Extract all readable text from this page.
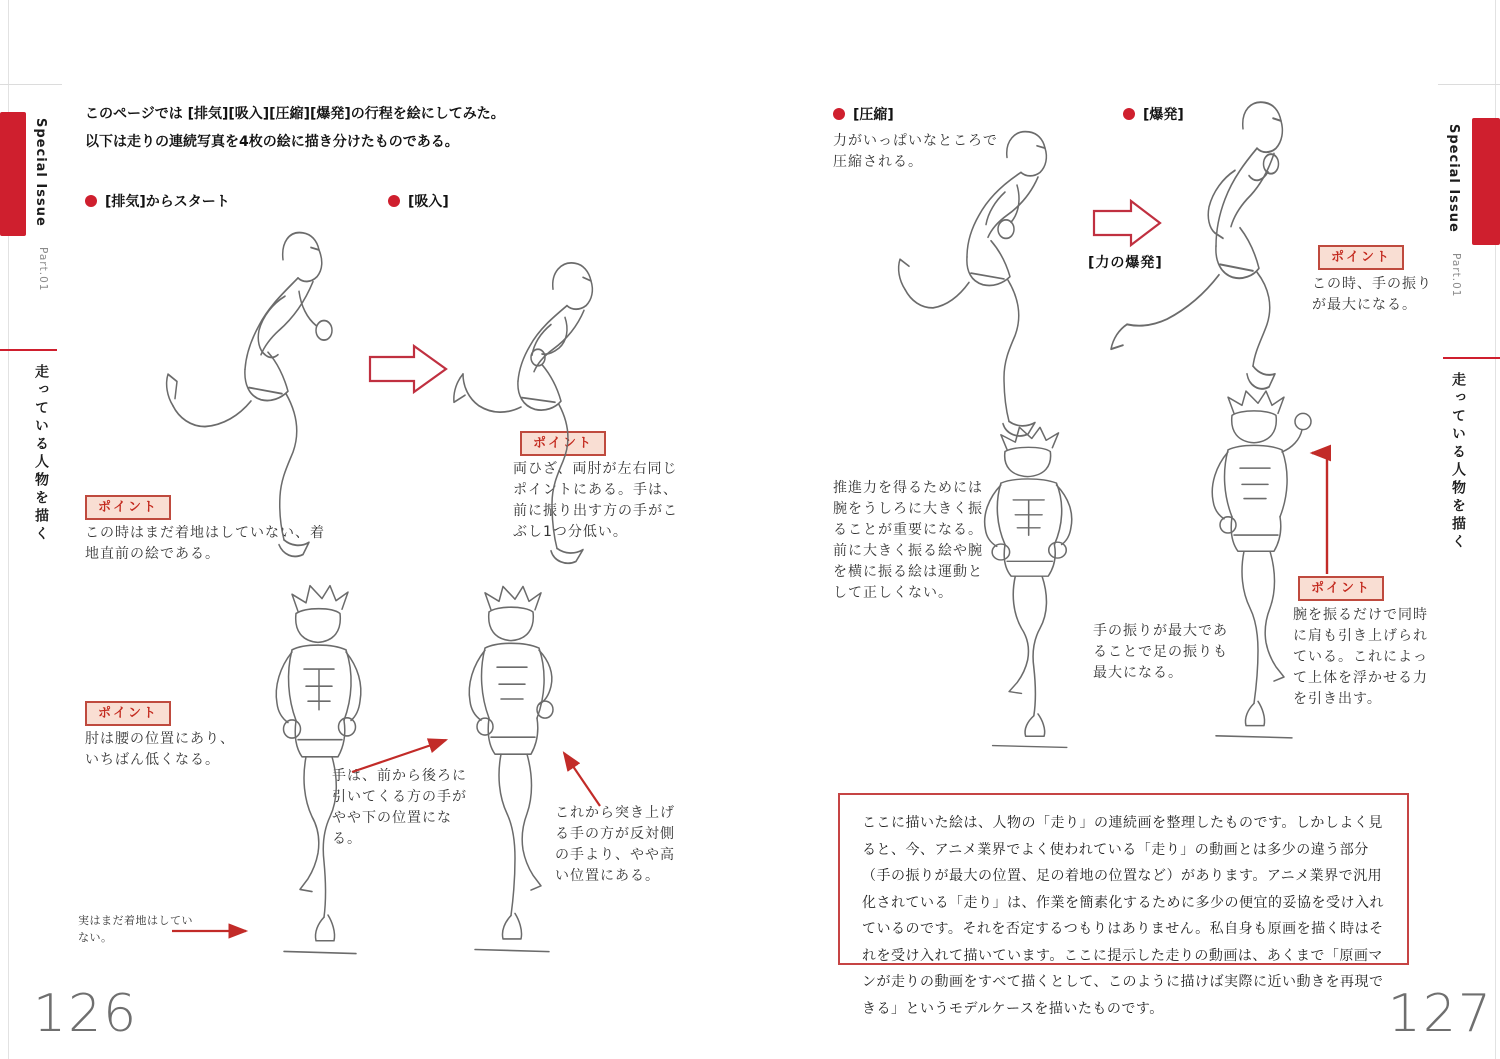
Special Issue
Part.01
走っている人物を描く
Special Issue
Part.01
走っている人物を描く
このページでは [排気][吸入][圧縮][爆発]の行程を絵にしてみた。
以下は走りの連続写真を4枚の絵に描き分けたものである。
[排気]からスタート	[吸入]
ポイント
両ひざ、両肘が左右同じポイントにある。手は、前に振り出す方の手がこぶし1つ分低い。
ポイント
この時はまだ着地はしていない、着地直前の絵である。
ポイント
肘は腰の位置にあり、いちばん低くなる。
手は、前から後ろに引いてくる方の手がやや下の位置になる。
これから突き上げる手の方が反対側の手より、やや高い位置にある。
実はまだ着地はしていない。
126
[圧縮]
力がいっぱいなところで圧縮される。
[爆発]
[力の爆発]	ポイント
この時、手の振りが最大になる。
推進力を得るためには腕をうしろに大きく振ることが重要になる。前に大きく振る絵や腕を横に振る絵は運動として正しくない。
手の振りが最大であることで足の振りも最大になる。
ポイント
腕を振るだけで同時に肩も引き上げられている。これによって上体を浮かせる力を引き出す。
ここに描いた絵は、人物の「走り」の連続画を整理したものです。しかしよく見ると、今、アニメ業界でよく使われている「走り」の動画とは多少の違う部分（手の振りが最大の位置、足の着地の位置など）があります。アニメ業界で汎用化されている「走り」は、作業を簡素化するために多少の便宜的妥協を受け入れているのです。それを否定するつもりはありません。私自身も原画を描く時はそれを受け入れて描いています。ここに提示した走りの動画は、あくまで「原画マンが走りの動画をすべて描くとして、このように描けば実際に近い動きを再現できる」というモデルケースを描いたものです。	127
